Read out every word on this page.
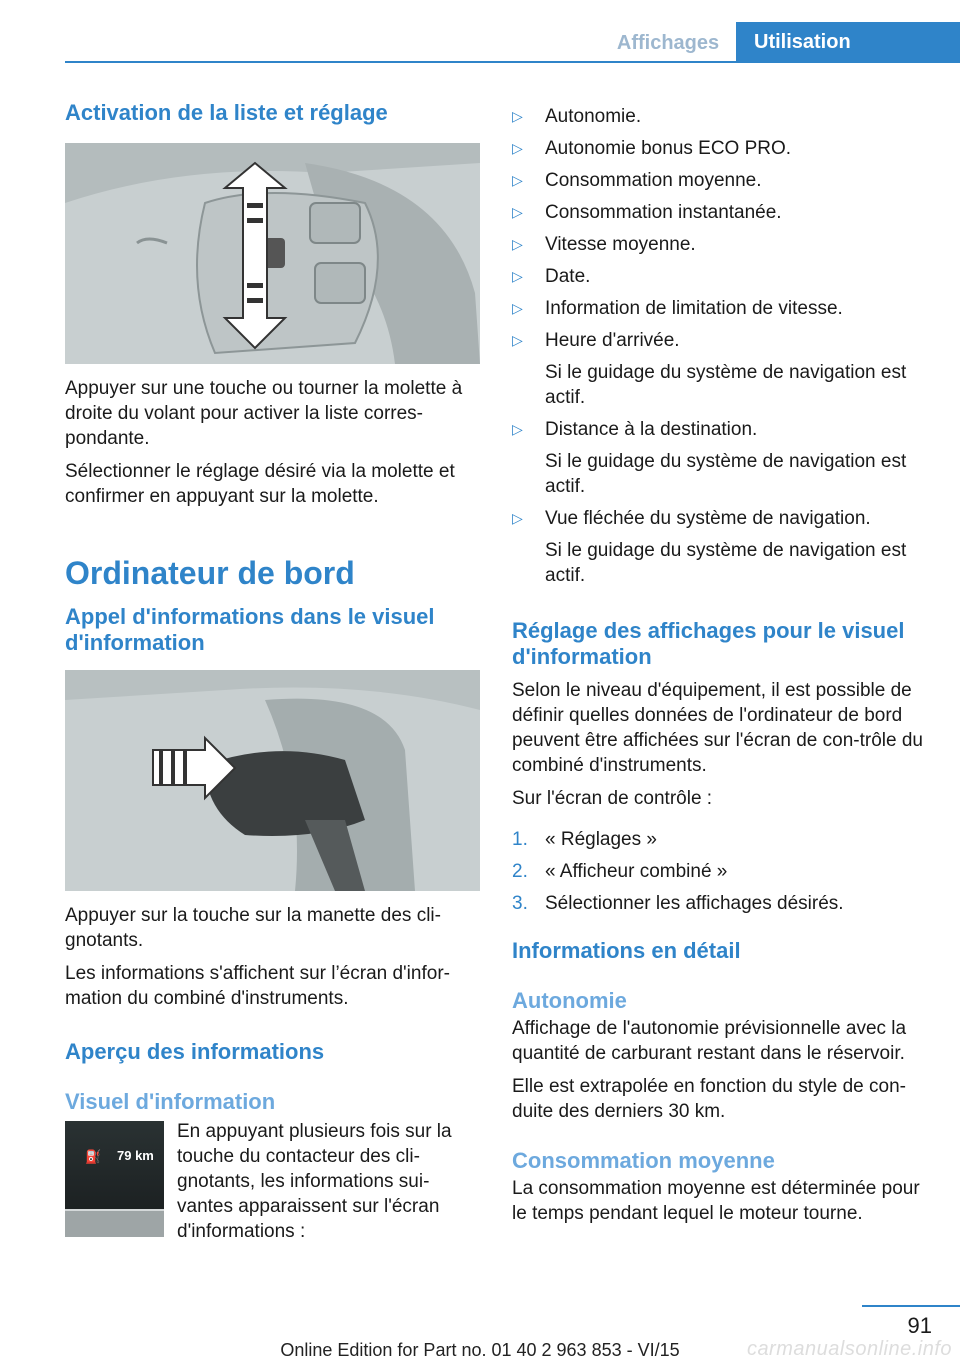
Affichages	Utilisation
Activation de la liste et réglage

Appuyer sur une touche ou tourner la molette à droite du volant pour activer la liste corres-pondante.

Sélectionner le réglage désiré via la molette et confirmer en appuyant sur la molette.

Ordinateur de bord
Appel d'informations dans le visuel d'information

Appuyer sur la touche sur la manette des cli-gnotants.

Les informations s'affichent sur l’écran d'infor-mation du combiné d'instruments.

Aperçu des informations
Visuel d'information
⛽ 79 km

En appuyant plusieurs fois sur la touche du contacteur des cli-gnotants, les informations sui-vantes apparaissent sur l'écran d'informations :

▷	Autonomie.
▷	Autonomie bonus ECO PRO.
▷	Consommation moyenne.
▷	Consommation instantanée.
▷	Vitesse moyenne.
▷	Date.
▷	Information de limitation de vitesse.
▷	Heure d'arrivée.
Si le guidage du système de navigation est actif.
▷	Distance à la destination.
Si le guidage du système de navigation est actif.
▷	Vue fléchée du système de navigation.
Si le guidage du système de navigation est actif.
Réglage des affichages pour le visuel d'information

Selon le niveau d'équipement, il est possible de définir quelles données de l'ordinateur de bord peuvent être affichées sur l'écran de con-trôle du combiné d'instruments.

Sur l'écran de contrôle :

1. « Réglages »
2. « Afficheur combiné »
3. Sélectionner les affichages désirés.
Informations en détail
Autonomie

Affichage de l'autonomie prévisionnelle avec la quantité de carburant restant dans le réservoir.

Elle est extrapolée en fonction du style de con-duite des derniers 30 km.

Consommation moyenne

La consommation moyenne est déterminée pour le temps pendant lequel le moteur tourne.

91
Online Edition for Part no. 01 40 2 963 853 - VI/15	carmanualsonline.info
